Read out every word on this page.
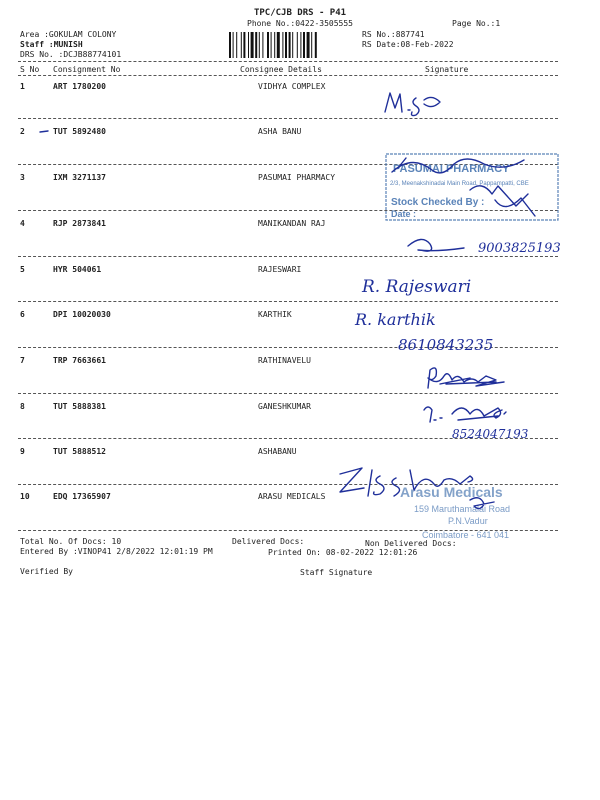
TPC/CJB DRS - P41
Phone No.:0422-3505555
Area :GOKULAM COLONY
Staff :MUNISH
DRS No. :DCJB88774101
Page No.:1
RS No.:887741
RS Date:08-Feb-2022
S No Consignment No	Consignee Details	Signature
1	ART 1780200	VIDHYA COMPLEX
2	TUT 5892480	ASHA BANU
3	IXM 3271137	PASUMAI PHARMACY
4	RJP 2873841	MANIKANDAN RAJ
5	HYR 504061	RAJESWARI
6	DPI 10020030	KARTHIK
7	TRP 7663661	RATHINAVELU
8	TUT 5888381	GANESHKUMAR
9	TUT 5888512	ASHABANU
10	EDQ 17365907	ARASU MEDICALS
PASUMAI PHARMACY
2/3, Meenakshinadai Main Road, Pappampatti, CBE
Stock Checked By :
Date :
9003825193
R. Rajeswari
R. karthik
8610843235
8524047193
Arasu Medicals
159 Maruthamalai Road
P.N.Vadur
Coimbatore - 641 041
Total No. Of Docs: 10	Delivered Docs:	Non Delivered Docs:
Entered By :VINOP41 2/8/2022 12:01:19 PM	Printed On: 08-02-2022 12:01:26
Verified By	Staff Signature
